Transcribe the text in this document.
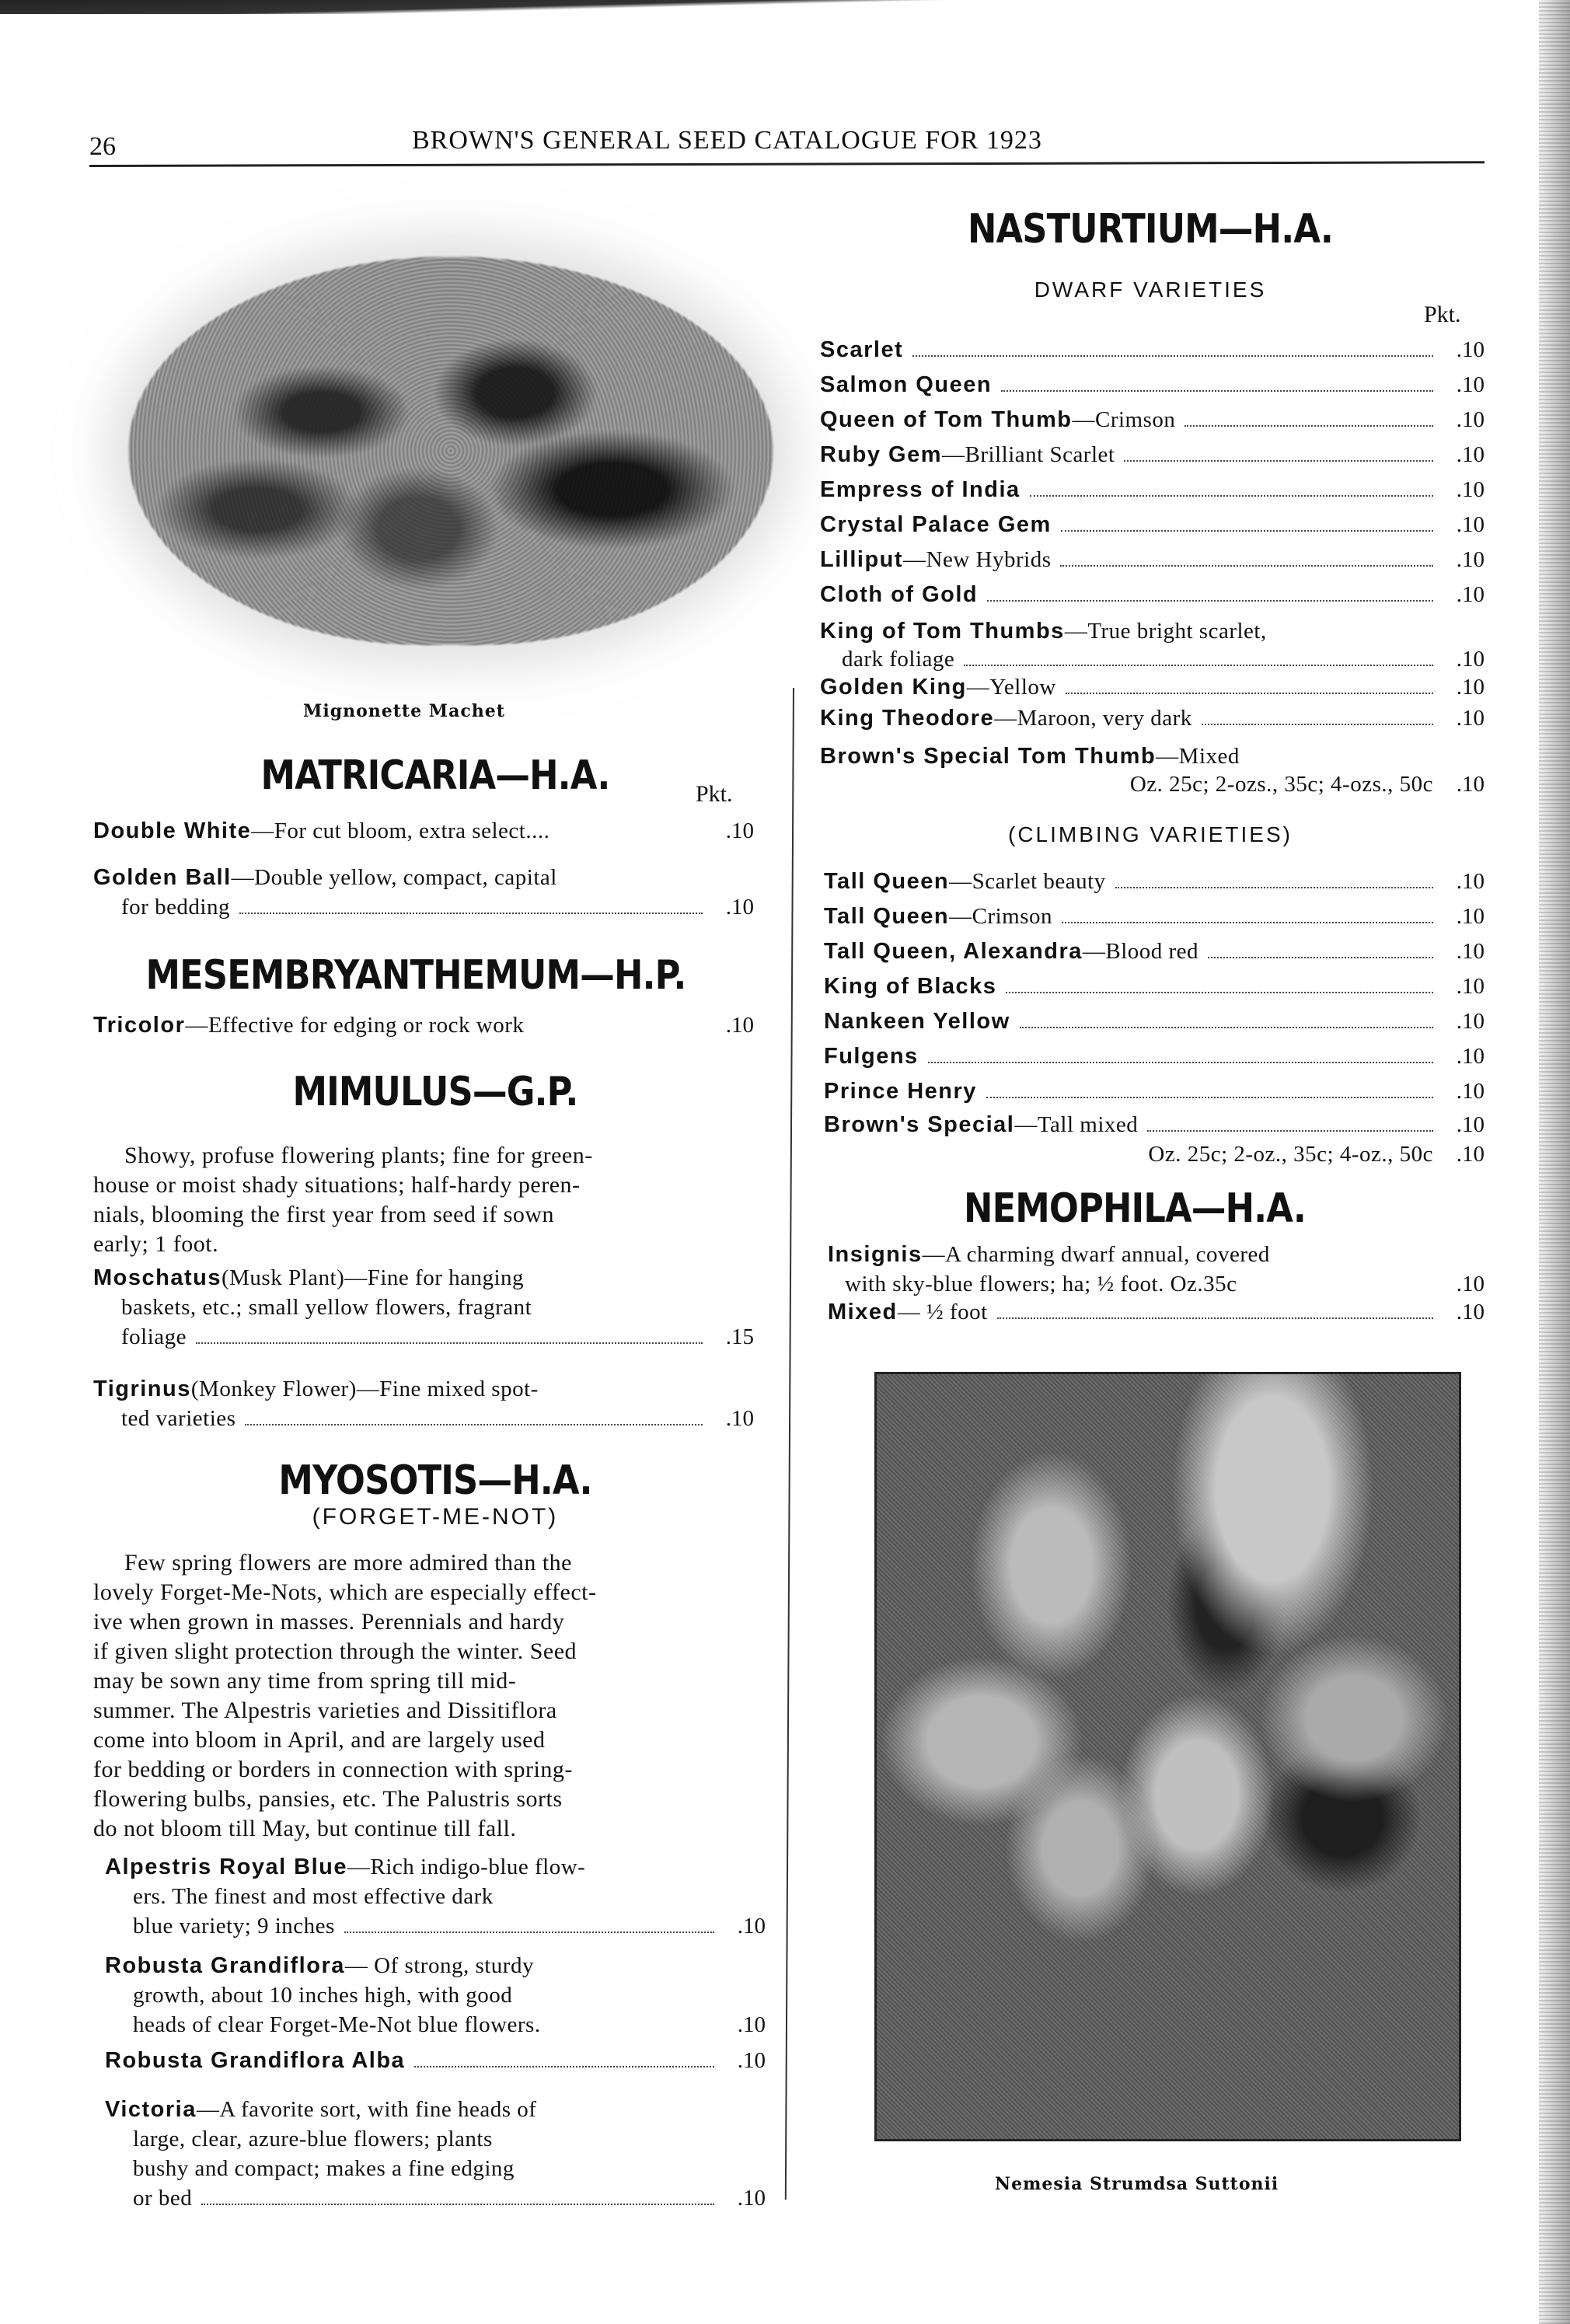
26	BROWN'S GENERAL SEED CATALOGUE FOR 1923
Mignonette Machet
MATRICARIA—H.A.	Pkt.
Double White —For cut bloom, extra select....	.10
Golden Ball —Double yellow, compact, capital
for bedding	.10
MESEMBRYANTHEMUM—H.P.
Tricolor —Effective for edging or rock work	.10
MIMULUS—G.P.
Showy, profuse flowering plants; fine for green-
house or moist shady situations; half-hardy peren-
nials, blooming the first year from seed if sown
early; 1 foot.
Moschatus (Musk Plant)—Fine for hanging
baskets, etc.; small yellow flowers, fragrant
foliage	.15
Tigrinus (Monkey Flower)—Fine mixed spot-
ted varieties	.10
MYOSOTIS—H.A.
(FORGET-ME-NOT)
Few spring flowers are more admired than the
lovely Forget-Me-Nots, which are especially effect-
ive when grown in masses. Perennials and hardy
if given slight protection through the winter. Seed
may be sown any time from spring till mid-
summer. The Alpestris varieties and Dissitiflora
come into bloom in April, and are largely used
for bedding or borders in connection with spring-
flowering bulbs, pansies, etc. The Palustris sorts
do not bloom till May, but continue till fall.
Alpestris Royal Blue —Rich indigo-blue flow-
ers. The finest and most effective dark
blue variety; 9 inches	.10
Robusta Grandiflora — Of strong, sturdy
growth, about 10 inches high, with good
heads of clear Forget-Me-Not blue flowers.	.10
Robusta Grandiflora Alba	.10
Victoria —A favorite sort, with fine heads of
large, clear, azure-blue flowers; plants
bushy and compact; makes a fine edging
or bed	.10
NASTURTIUM—H.A.
DWARF VARIETIES
Pkt.
Scarlet	.10
Salmon Queen	.10
Queen of Tom Thumb —Crimson	.10
Ruby Gem —Brilliant Scarlet	.10
Empress of India	.10
Crystal Palace Gem	.10
Lilliput —New Hybrids	.10
Cloth of Gold	.10
King of Tom Thumbs —True bright scarlet,
dark foliage	.10
Golden King —Yellow	.10
King Theodore —Maroon, very dark	.10
Brown's Special Tom Thumb —Mixed
Oz. 25c; 2-ozs., 35c; 4-ozs., 50c	.10
(CLIMBING VARIETIES)
Tall Queen —Scarlet beauty	.10
Tall Queen —Crimson	.10
Tall Queen, Alexandra —Blood red	.10
King of Blacks	.10
Nankeen Yellow	.10
Fulgens	.10
Prince Henry	.10
Brown's Special —Tall mixed	.10
Oz. 25c; 2-oz., 35c; 4-oz., 50c	.10
NEMOPHILA—H.A.
Insignis —A charming dwarf annual, covered
with sky-blue flowers; ha; ½ foot. Oz.35c	.10
Mixed — ½ foot	.10
Nemesia Strumdsa Suttonii
